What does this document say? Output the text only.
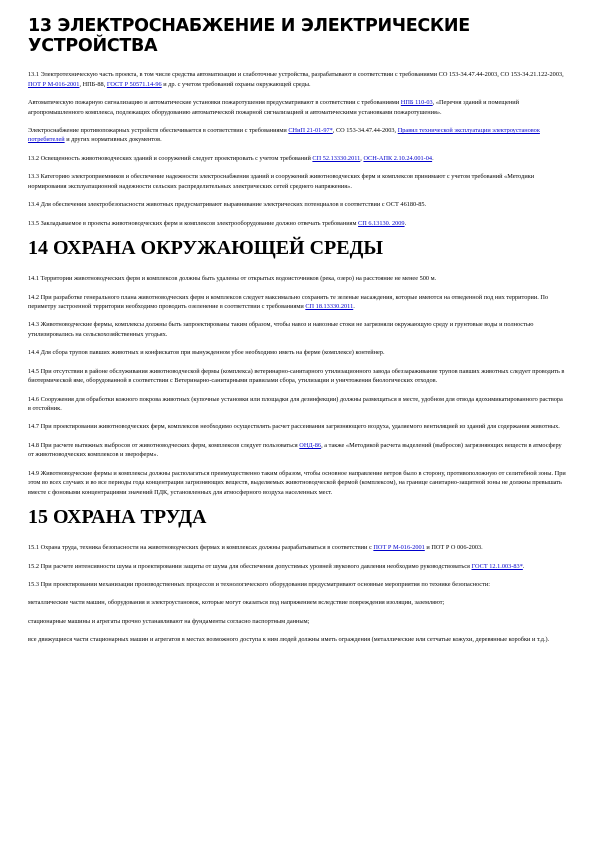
13 ЭЛЕКТРОСНАБЖЕНИЕ И ЭЛЕКТРИЧЕСКИЕ УСТРОЙСТВА

13.1 Электротехническую часть проекта, в том числе средства автоматизации и слаботочные устройства, разрабатывают в соответствии с требованиями СО 153-34.47.44-2003, СО 153-34.21.122-2003, ПОТ Р М-016-2001, НПБ-88, ГОСТ Р 50571.14-96 и др. с учетом требований охраны окружающей среды.

Автоматическую пожарную сигнализацию и автоматические установки пожаротушения предусматривают в соответствии с требованиями НПБ 110-03, «Перечня зданий и помещений агропромышленного комплекса, подлежащих оборудованию автоматической пожарной сигнализацией и автоматическими установками пожаротушения».

Электроснабжение противопожарных устройств обеспечивается в соответствии с требованиями СНиП 21-01-97*, СО 153-34.47.44-2003, Правил технической эксплуатации электроустановок потребителей и других нормативных документов.

13.2 Освещенность животноводческих зданий и сооружений следует проектировать с учетом требований СП 52.13330.2011, ОСН-АПК 2.10.24.001-04.

13.3 Категорию электроприемников и обеспечение надежности электроснабжения зданий и сооружений животноводческих ферм и комплексов принимают с учетом требований «Методики нормирования эксплуатационной надежности сельских распределительных электрических сетей среднего напряжения».

13.4 Для обеспечения электробезопасности животных предусматривают выравнивание электрических потенциалов в соответствии с ОСТ 46180-85.

13.5 Закладываемое в проекты животноводческих ферм и комплексов электрооборудование должно отвечать требованиям СП 6.13130. 2009.

14 ОХРАНА ОКРУЖАЮЩЕЙ СРЕДЫ

14.1 Территории животноводческих ферм и комплексов должны быть удалены от открытых водоисточников (река, озеро) на расстояние не менее 500 м.

14.2 При разработке генерального плана животноводческих ферм и комплексов следует максимально сохранять те зеленые насаждения, которые имеются на отведенной под них территории. По периметру застроенной территории необходимо проводить озеленение в соответствии с требованиями СП 18.13330.2011.

14.3 Животноводческие фермы, комплексы должны быть запроектированы таким образом, чтобы навоз и навозные стоки не загрязняли окружающую среду и грунтовые воды и полностью утилизировались на сельскохозяйственных угодьях.

14.4 Для сбора трупов павших животных и конфискатов при вынужденном убое необходимо иметь на ферме (комплексе) контейнер.

14.5 При отсутствии в районе обслуживания животноводческой фермы (комплекса) ветеринарно-санитарного утилизационного завода обеззараживание трупов павших животных следует проводить в биотермической яме, оборудованной в соответствии с Ветеринарно-санитарными правилами сбора, утилизации и уничтожения биологических отходов.

14.6 Сооружения для обработки кожного покрова животных (купочные установки или площадки для дезинфекции) должны размещаться в месте, удобном для отвода ядохимикатированного раствора в отстойник.

14.7 При проектировании животноводческих ферм, комплексов необходимо осуществлять расчет рассеивания загрязняющего воздуха, удаляемого вентиляцией из зданий для содержания животных.

14.8 При расчете вытяжных выбросов от животноводческих ферм, комплексов следует пользоваться ОНД-86, а также «Методикой расчета выделений (выбросов) загрязняющих веществ в атмосферу от животноводческих комплексов и звероферм».

14.9 Животноводческие фермы и комплексы должны располагаться преимущественно таким образом, чтобы основное направление ветров было в сторону, противоположную от селитебной зоны. При этом во всех случаях и во все периоды года концентрации загрязняющих веществ, выделяемых животноводческой фермой (комплексом), на границе санитарно-защитной зоны не должны превышать вместе с фоновыми концентрациями значений ПДК, установленных для атмосферного воздуха населенных мест.

15 ОХРАНА ТРУДА

15.1 Охрана труда, техника безопасности на животноводческих фермах и комплексах должны разрабатываться в соответствии с ПОТ Р М-016-2001 и ПОТ Р О 006-2003.

15.2 При расчете интенсивности шума и проектировании защиты от шума для обеспечения допустимых уровней звукового давления необходимо руководствоваться ГОСТ 12.1.003-83*.

15.3 При проектировании механизации производственных процессов и технологического оборудования предусматривают основные мероприятия по технике безопасности:

металлические части машин, оборудования и электроустановок, которые могут оказаться под напряжением вследствие повреждения изоляции, заземляют;

стационарные машины и агрегаты прочно устанавливают на фундаменты согласно паспортным данным;

все движущиеся части стационарных машин и агрегатов в местах возможного доступа к ним людей должны иметь ограждения (металлические или сетчатые кожухи, деревянные коробки и т.д.).
